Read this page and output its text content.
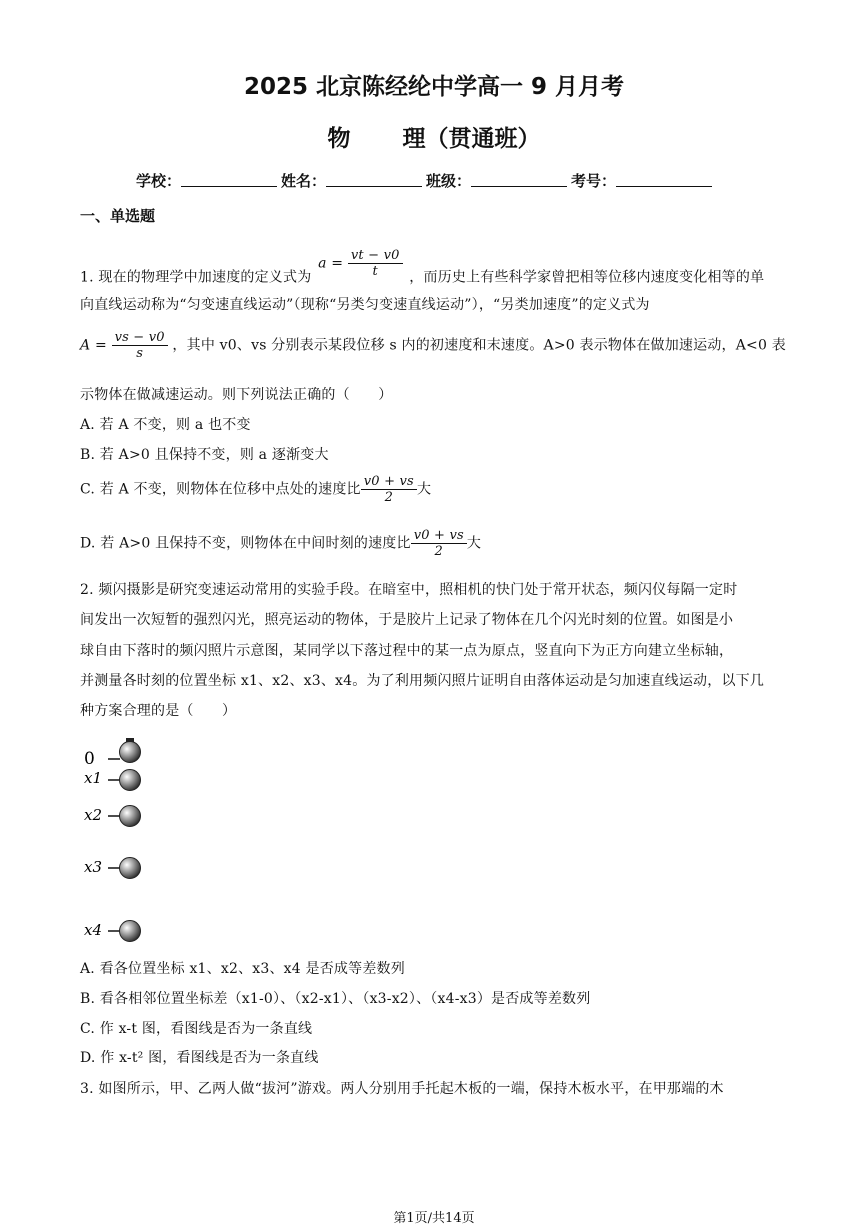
2025 北京陈经纶中学高一 9 月月考
物 理（贯通班）
学校：	姓名：	班级：	考号：
一、单选题
1. 现在的物理学中加速度的定义式为 $a = \frac{vt - v0}{t}$ ，而历史上有些科学家曾把相等位移内速度变化相等的单
向直线运动称为“匀变速直线运动”（现称“另类匀变速直线运动”），“另类加速度”的定义式为
$A = \frac{vs - v0}{s}$ ，其中 v0、vs 分别表示某段位移 s 内的初速度和末速度。A>0 表示物体在做加速运动，A<0 表
示物体在做减速运动。则下列说法正确的（　　）
A. 若 A 不变，则 a 也不变
B. 若 A>0 且保持不变，则 a 逐渐变大
C. 若 A 不变，则物体在位移中点处的速度比 $\frac{v0 + vs}{2}$ 大
D. 若 A>0 且保持不变，则物体在中间时刻的速度比 $\frac{v0 + vs}{2}$ 大
2. 频闪摄影是研究变速运动常用的实验手段。在暗室中，照相机的快门处于常开状态，频闪仪每隔一定时
间发出一次短暂的强烈闪光，照亮运动的物体，于是胶片上记录了物体在几个闪光时刻的位置。如图是小
球自由下落时的频闪照片示意图，某同学以下落过程中的某一点为原点，竖直向下为正方向建立坐标轴，
并测量各时刻的位置坐标 x1、x2、x3、x4。为了利用频闪照片证明自由落体运动是匀加速直线运动，以下几
种方案合理的是（　　）
0
x1
x2
x3
x4
A. 看各位置坐标 x1、x2、x3、x4 是否成等差数列
B. 看各相邻位置坐标差（x1-0）、（x2-x1）、（x3-x2）、（x4-x3）是否成等差数列
C. 作 x-t 图，看图线是否为一条直线
D. 作 x-t² 图，看图线是否为一条直线
3. 如图所示，甲、乙两人做“拔河”游戏。两人分别用手托起木板的一端，保持木板水平，在甲那端的木
第1页/共14页
